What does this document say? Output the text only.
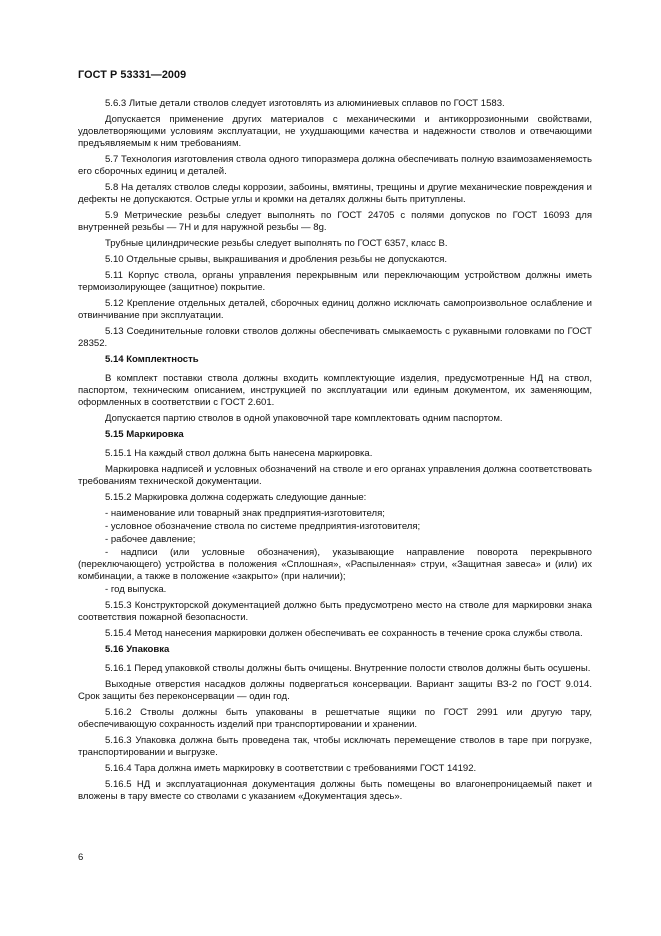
ГОСТ Р 53331—2009

5.6.3 Литые детали стволов следует изготовлять из алюминиевых сплавов по ГОСТ 1583.

Допускается применение других материалов с механическими и антикоррозионными свойствами, удовлетворяющими условиям эксплуатации, не ухудшающими качества и надежности стволов и отвечающими предъявляемым к ним требованиям.

5.7 Технология изготовления ствола одного типоразмера должна обеспечивать полную взаимозаменяемость его сборочных единиц и деталей.

5.8 На деталях стволов следы коррозии, забоины, вмятины, трещины и другие механические повреждения и дефекты не допускаются. Острые углы и кромки на деталях должны быть притуплены.

5.9 Метрические резьбы следует выполнять по ГОСТ 24705 с полями допусков по ГОСТ 16093 для внутренней резьбы — 7H и для наружной резьбы — 8g.

Трубные цилиндрические резьбы следует выполнять по ГОСТ 6357, класс В.

5.10 Отдельные срывы, выкрашивания и дробления резьбы не допускаются.

5.11 Корпус ствола, органы управления перекрывным или переключающим устройством должны иметь термоизолирующее (защитное) покрытие.

5.12 Крепление отдельных деталей, сборочных единиц должно исключать самопроизвольное ослабление и отвинчивание при эксплуатации.

5.13 Соединительные головки стволов должны обеспечивать смыкаемость с рукавными головками по ГОСТ 28352.

5.14 Комплектность

В комплект поставки ствола должны входить комплектующие изделия, предусмотренные НД на ствол, паспортом, техническим описанием, инструкцией по эксплуатации или единым документом, их заменяющим, оформленных в соответствии с ГОСТ 2.601.

Допускается партию стволов в одной упаковочной таре комплектовать одним паспортом.

5.15 Маркировка

5.15.1 На каждый ствол должна быть нанесена маркировка.

Маркировка надписей и условных обозначений на стволе и его органах управления должна соответствовать требованиям технической документации.

5.15.2 Маркировка должна содержать следующие данные:

- наименование или товарный знак предприятия-изготовителя;

- условное обозначение ствола по системе предприятия-изготовителя;

- рабочее давление;

- надписи (или условные обозначения), указывающие направление поворота перекрывного (переключающего) устройства в положения «Сплошная», «Распыленная» струи, «Защитная завеса» и (или) их комбинации, а также в положение «закрыто» (при наличии);

- год выпуска.

5.15.3 Конструкторской документацией должно быть предусмотрено место на стволе для маркировки знака соответствия пожарной безопасности.

5.15.4 Метод нанесения маркировки должен обеспечивать ее сохранность в течение срока службы ствола.

5.16 Упаковка

5.16.1 Перед упаковкой стволы должны быть очищены. Внутренние полости стволов должны быть осушены.

Выходные отверстия насадков должны подвергаться консервации. Вариант защиты ВЗ-2 по ГОСТ 9.014. Срок защиты без переконсервации — один год.

5.16.2 Стволы должны быть упакованы в решетчатые ящики по ГОСТ 2991 или другую тару, обеспечивающую сохранность изделий при транспортировании и хранении.

5.16.3 Упаковка должна быть проведена так, чтобы исключать перемещение стволов в таре при погрузке, транспортировании и выгрузке.

5.16.4 Тара должна иметь маркировку в соответствии с требованиями ГОСТ 14192.

5.16.5 НД и эксплуатационная документация должны быть помещены во влагонепроницаемый пакет и вложены в тару вместе со стволами с указанием «Документация здесь».

6
